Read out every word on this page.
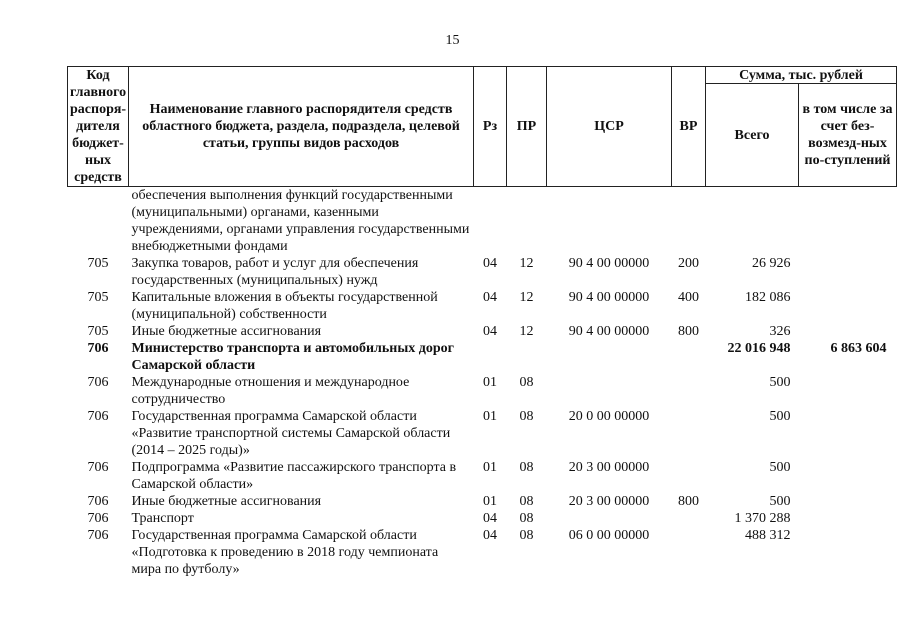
15
Код главного распоря-дителя бюджет-ных средств	Наименование главного распорядителя средств областного бюджета, раздела, подраздела, целевой статьи, группы видов расходов	Рз	ПР	ЦСР	ВР	Сумма, тыс. рублей	
						Всего	в том числе за счет без-возмезд-ных по-ступлений
	обеспечения выполнения функций государственными (муниципальными) органами, казенными учреждениями, органами управления государственными внебюджетными фондами						
705	Закупка товаров, работ и услуг для обеспечения государственных (муниципальных) нужд	04	12	90 4 00 00000	200	26 926	
705	Капитальные вложения в объекты государственной (муниципальной) собственности	04	12	90 4 00 00000	400	182 086	
705	Иные бюджетные ассигнования	04	12	90 4 00 00000	800	326	
706	Министерство транспорта и автомобильных дорог Самарской области					22 016 948	6 863 604
706	Международные отношения и международное сотрудничество	01	08			500	
706	Государственная программа Самарской области «Развитие транспортной системы Самарской области (2014 – 2025 годы)»	01	08	20 0 00 00000		500	
706	Подпрограмма «Развитие пассажирского транспорта в Самарской области»	01	08	20 3 00 00000		500	
706	Иные бюджетные ассигнования	01	08	20 3 00 00000	800	500	
706	Транспорт	04	08			1 370 288	
706	Государственная программа Самарской области «Подготовка к проведению в 2018 году чемпионата мира по футболу»	04	08	06 0 00 00000		488 312	
